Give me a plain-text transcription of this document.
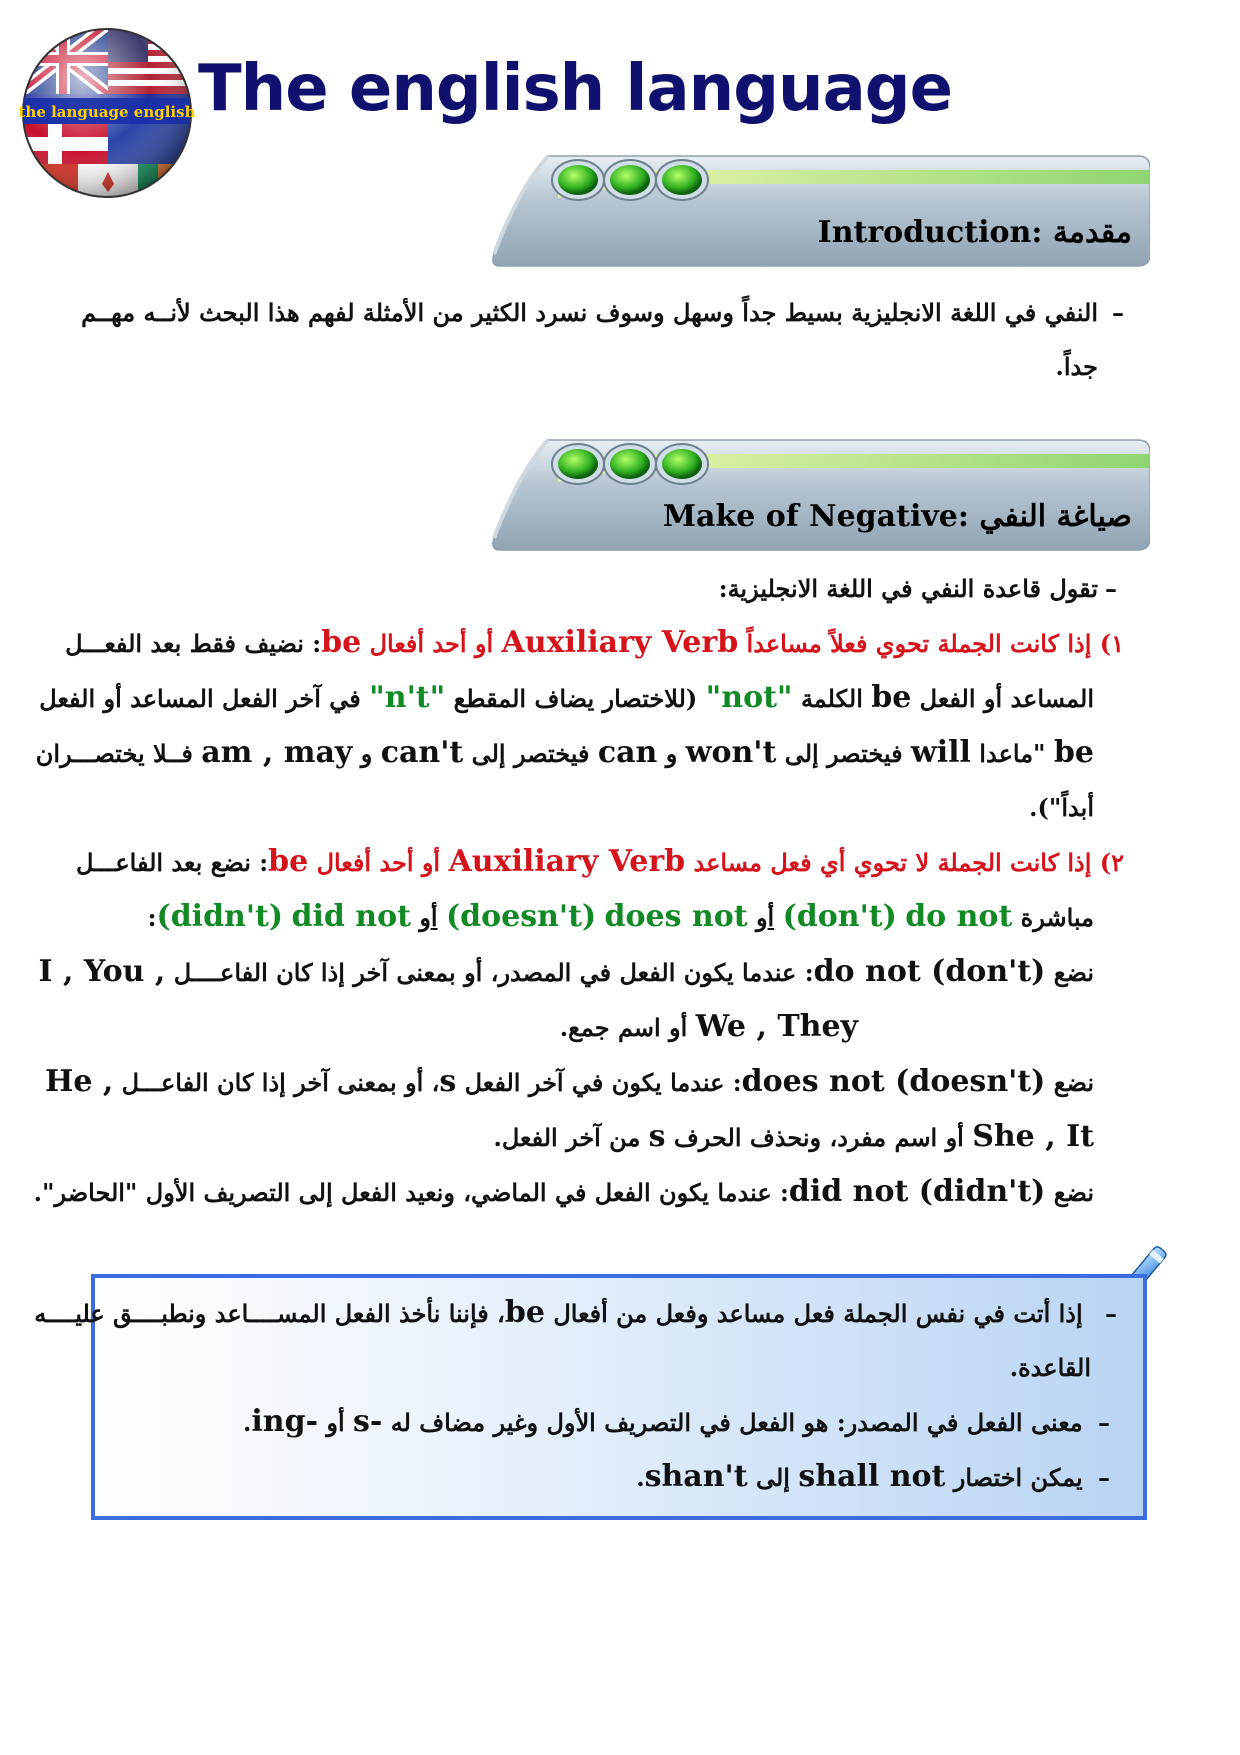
the language english The english language
مقدمة :Introduction
–النفي في اللغة الانجليزية بسيط جداً وسهل وسوف نسرد الكثير من الأمثلة لفهم هذا البحث لأنــه مهــم
جداً.
صياغة النفي :Make of Negative
–تقول قاعدة النفي في اللغة الانجليزية:
١) إذا كانت الجملة تحوي فعلاً مساعداً Auxiliary Verb أو أحد أفعال be: نضيف فقط بعد الفعـــل
المساعد أو الفعل be الكلمة "not" (للاختصار يضاف المقطع "n't" في آخر الفعل المساعد أو الفعل
be "ماعدا will فيختصر إلى won't و can فيختصر إلى can't و am , may فــلا يختصـــران
أبداً").
٢) إذا كانت الجملة لا تحوي أي فعل مساعد Auxiliary Verb أو أحد أفعال be: نضع بعد الفاعـــل
مباشرة do not (don't) أو does not (doesn't) أو did not (didn't):
نضع do not (don't): عندما يكون الفعل في المصدر، أو بمعنى آخر إذا كان الفاعــــل I , You ,
We , They أو اسم جمع.
نضع does not (doesn't): عندما يكون في آخر الفعل s، أو بمعنى آخر إذا كان الفاعـــل He ,
She , It أو اسم مفرد، ونحذف الحرف s من آخر الفعل.
نضع did not (didn't): عندما يكون الفعل في الماضي، ونعيد الفعل إلى التصريف الأول "الحاضر".
– إذا أتت في نفس الجملة فعل مساعد وفعل من أفعال be، فإننا نأخذ الفعل المســــاعد ونطبــــق عليــــه
القاعدة.
– معنى الفعل في المصدر: هو الفعل في التصريف الأول وغير مضاف له s- أو ing-.
– يمكن اختصار shall not إلى shan't.
